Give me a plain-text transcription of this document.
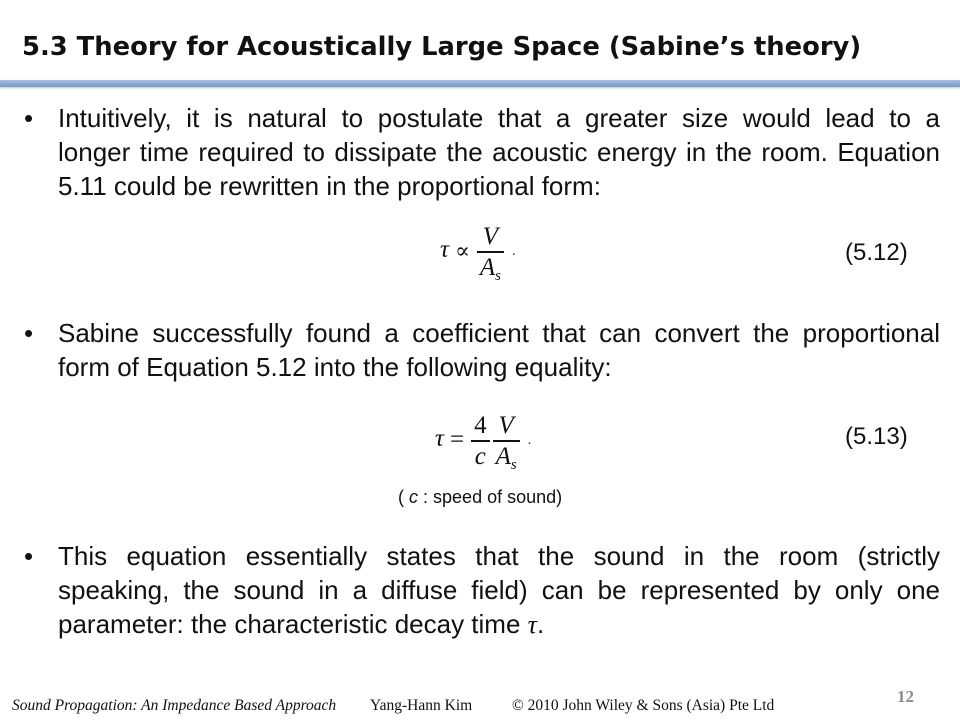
5.3 Theory for Acoustically Large Space (Sabine’s theory)
• Intuitively, it is natural to postulate that a greater size would lead to a
longer time required to dissipate the acoustic energy in the room. Equation
5.11 could be rewritten in the proportional form:
$\tau \propto \frac{V}{A_s}$ .	(5.12)
• Sabine successfully found a coefficient that can convert the proportional
form of Equation 5.12 into the following equality:
$\tau = \frac{4}{c} \frac{V}{A_s}$ .	(5.13)
( c : speed of sound)
• This equation essentially states that the sound in the room (strictly
speaking, the sound in a diffuse field) can be represented by only one
parameter: the characteristic decay time τ.
Sound Propagation: An Impedance Based Approach Yang-Hann Kim	© 2010 John Wiley & Sons (Asia) Pte Ltd	12
